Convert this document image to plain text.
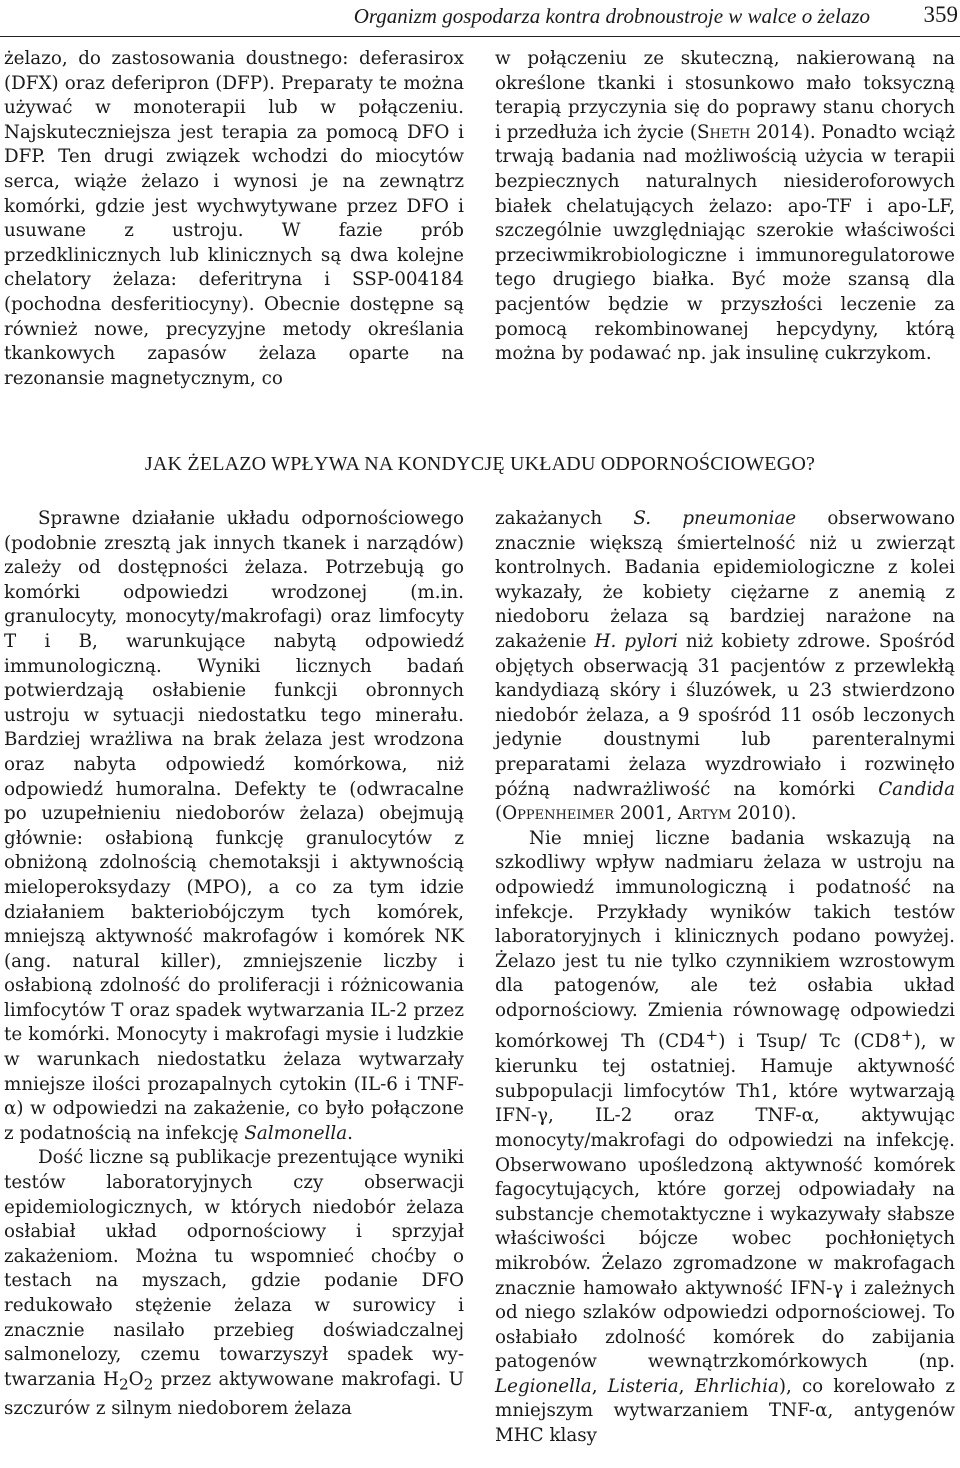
Organizm gospodarza kontra drobnoustroje w walce o żelazo 359

żelazo, do zastosowania doustnego: deferasirox (DFX) oraz deferipron (DFP). Preparaty te można używać w monoterapii lub w połączeniu. Najskuteczniejsza jest terapia za pomocą DFO i DFP. Ten drugi związek wchodzi do miocytów serca, wiąże żelazo i wynosi je na zewnątrz komórki, gdzie jest wychwytywane przez DFO i usuwane z ustroju. W fazie prób przedklinicznych lub klinicznych są dwa kolejne chelatory żelaza: deferitryna i SSP-004184 (pochodna desferitiocyny). Obecnie dostępne są również nowe, precyzyjne metody określania tkankowych zapasów żelaza oparte na rezonansie magnetycznym, co

w połączeniu ze skuteczną, nakierowaną na określone tkanki i stosunkowo mało toksyczną terapią przyczynia się do poprawy stanu chorych i przedłuża ich życie (Sheth 2014). Ponadto wciąż trwają badania nad możliwością użycia w terapii bezpiecznych naturalnych niesideroforowych białek chelatujących żelazo: apo-TF i apo-LF, szczególnie uwzględniając szerokie właściwości przeciwmikrobiologiczne i immunoregulatorowe tego drugiego białka. Być może szansą dla pacjentów będzie w przyszłości leczenie za pomocą rekombinowanej hepcydyny, którą można by podawać np. jak insulinę cukrzykom.

JAK ŻELAZO WPŁYWA NA KONDYCJĘ UKŁADU ODPORNOŚCIOWEGO?

Sprawne działanie układu odpornościowego (podobnie zresztą jak innych tkanek i narządów) zależy od dostępności żelaza. Potrzebują go komórki odpowiedzi wrodzonej (m.in. granulocyty, monocyty/makrofagi) oraz limfocyty T i B, warunkujące nabytą odpowiedź immunologiczną. Wyniki licznych badań potwierdzają osłabienie funkcji obronnych ustroju w sytuacji niedostatku tego minerału. Bardziej wrażliwa na brak żelaza jest wrodzona oraz nabyta odpowiedź komórkowa, niż odpowiedź humoralna. Defekty te (odwracalne po uzupełnieniu niedoborów żelaza) obejmują głównie: osłabioną funkcję granulocytów z obniżoną zdolnością chemotaksji i aktywnością mieloperoksydazy (MPO), a co za tym idzie działaniem bakteriobójczym tych komórek, mniejszą aktywność makrofagów i komórek NK (ang. natural killer), zmniejszenie liczby i osłabioną zdolność do proliferacji i różnicowania limfocytów T oraz spadek wytwarzania IL-2 przez te komórki. Monocyty i makrofagi mysie i ludzkie w warunkach niedostatku żelaza wytwarzały mniejsze ilości prozapalnych cytokin (IL-6 i TNF-α) w odpowiedzi na zakażenie, co było połączone z podatnością na infekcję Salmonella.

Dość liczne są publikacje prezentujące wyniki testów laboratoryjnych czy obserwacji epidemiologicznych, w których niedobór żelaza osłabiał układ odpornościowy i sprzyjał zakażeniom. Można tu wspomnieć choćby o testach na myszach, gdzie podanie DFO redukowało stężenie żelaza w surowicy i znacznie nasilało przebieg doświadczalnej salmonelozy, czemu towarzyszył spadek wytwarzania $H_2O_2$ przez aktywowane makrofagi. U szczurów z silnym niedoborem żelaza

zakażanych S. pneumoniae obserwowano znacznie większą śmiertelność niż u zwierząt kontrolnych. Badania epidemiologiczne z kolei wykazały, że kobiety ciężarne z anemią z niedoboru żelaza są bardziej narażone na zakażenie H. pylori niż kobiety zdrowe. Spośród objętych obserwacją 31 pacjentów z przewlekłą kandydiazą skóry i śluzówek, u 23 stwierdzono niedobór żelaza, a 9 spośród 11 osób leczonych jedynie doustnymi lub parenteralnymi preparatami żelaza wyzdrowiało i rozwinęło późną nadwrażliwość na komórki Candida (Oppenheimer 2001, Artym 2010).

Nie mniej liczne badania wskazują na szkodliwy wpływ nadmiaru żelaza w ustroju na odpowiedź immunologiczną i podatność na infekcje. Przykłady wyników takich testów laboratoryjnych i klinicznych podano powyżej. Żelazo jest tu nie tylko czynnikiem wzrostowym dla patogenów, ale też osłabia układ odpornościowy. Zmienia równowagę odpowiedzi komórkowej Th (CD4+) i Tsup/ Tc (CD8+), w kierunku tej ostatniej. Hamuje aktywność subpopulacji limfocytów Th1, które wytwarzają IFN-γ, IL-2 oraz TNF-α, aktywując monocyty/makrofagi do odpowiedzi na infekcję. Obserwowano upośledzoną aktywność komórek fagocytujących, które gorzej odpowiadały na substancje chemotaktyczne i wykazywały słabsze właściwości bójcze wobec pochłoniętych mikrobów. Żelazo zgromadzone w makrofagach znacznie hamowało aktywność IFN-γ i zależnych od niego szlaków odpowiedzi odpornościowej. To osłabiało zdolność komórek do zabijania patogenów wewnątrzkomórkowych (np. Legionella, Listeria, Ehrlichia), co korelowało z mniejszym wytwarzaniem TNF-α, antygenów MHC klasy
